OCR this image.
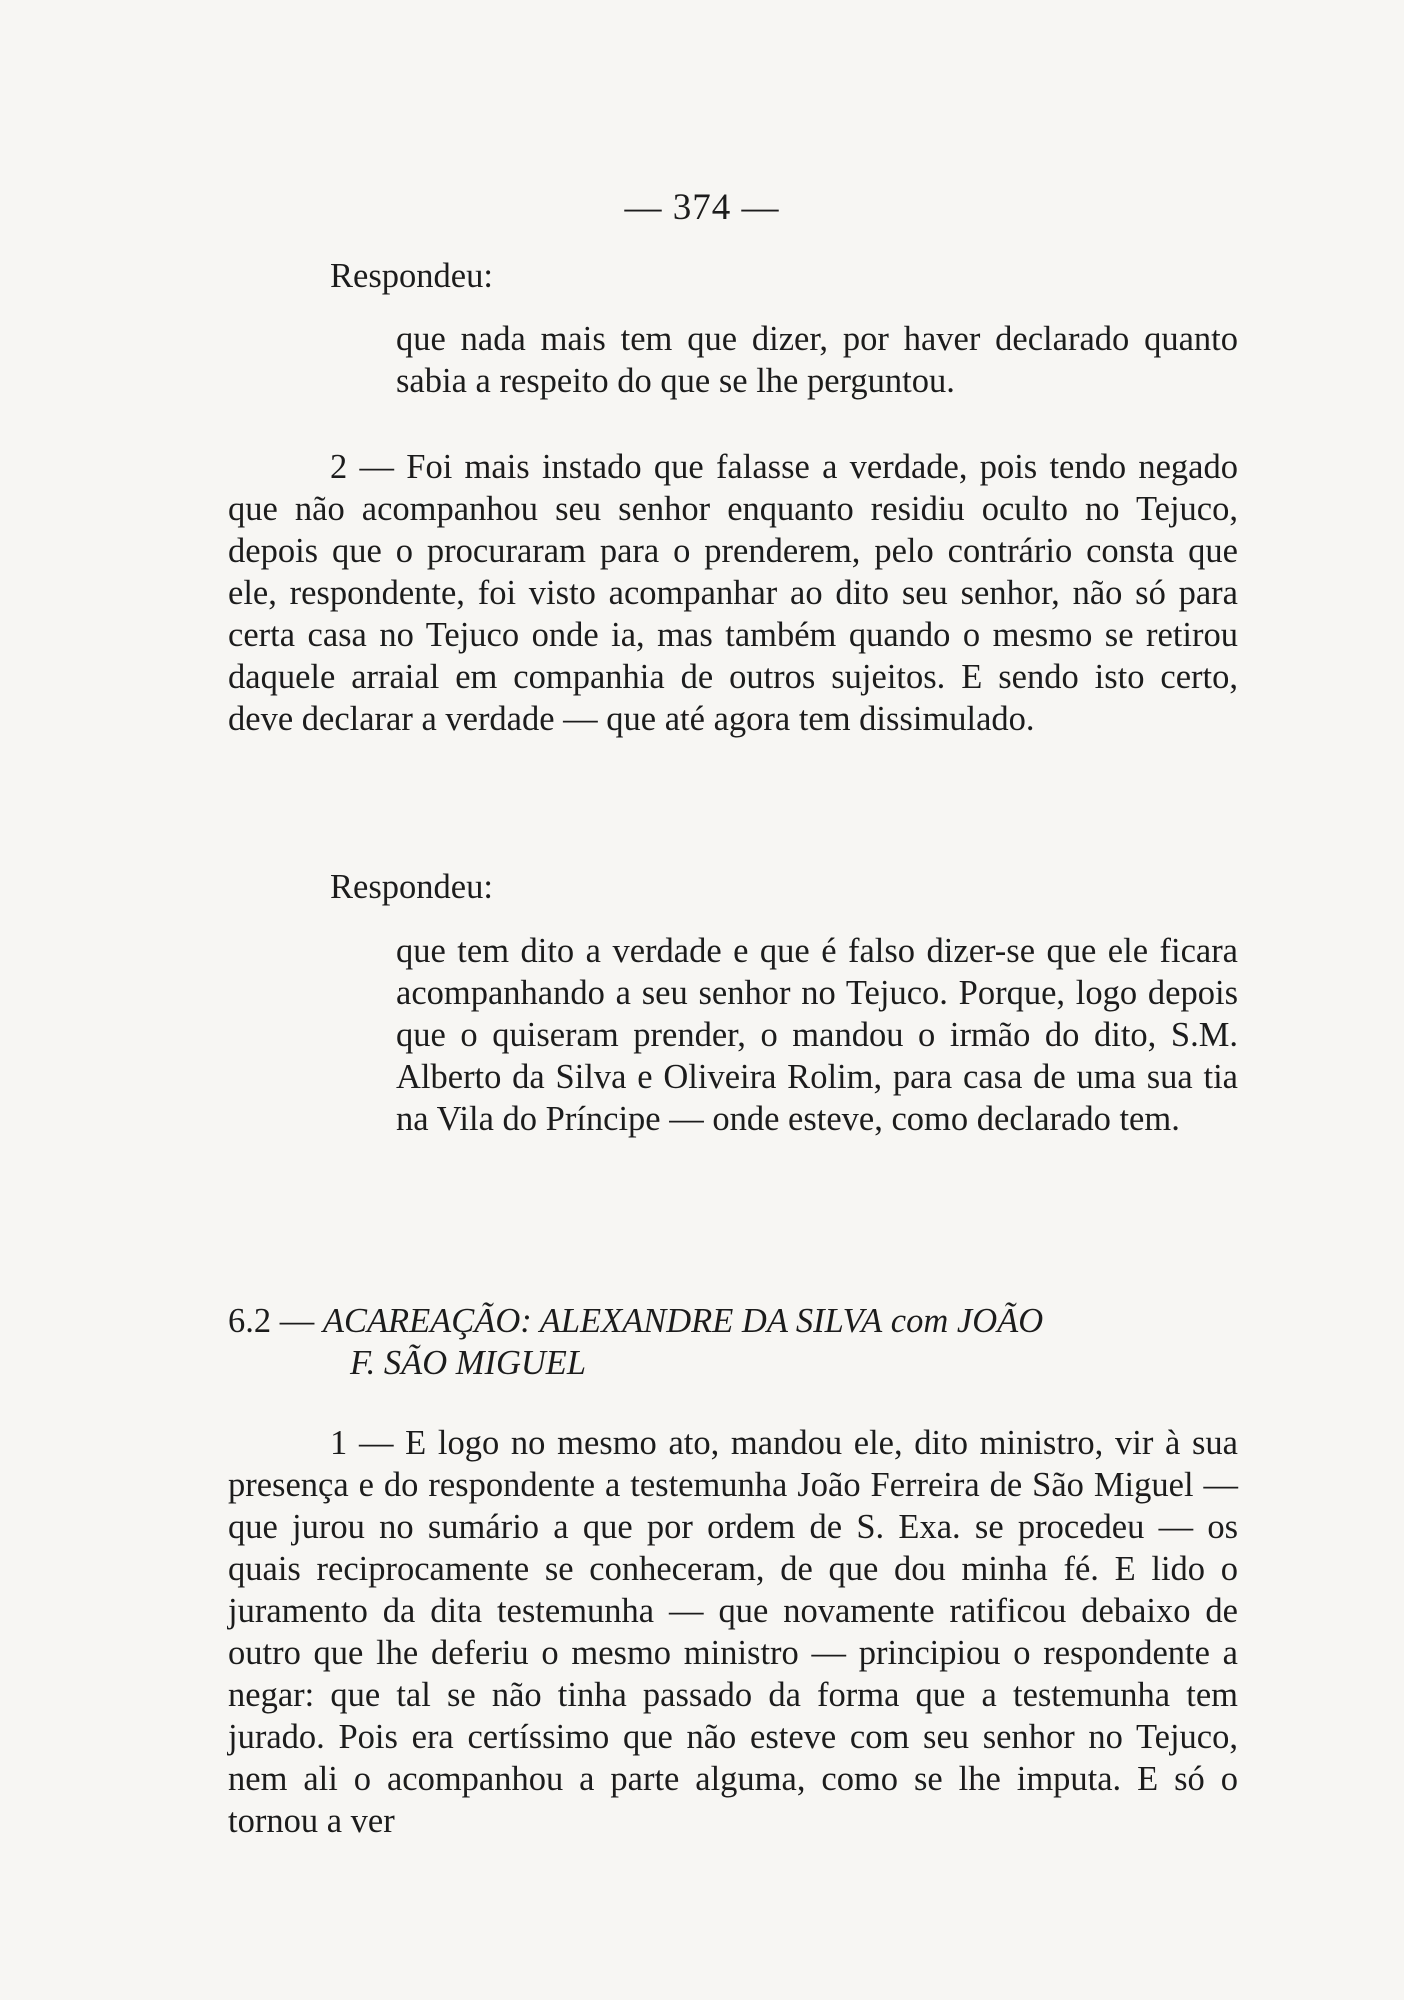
— 374 —
Respondeu:
que nada mais tem que dizer, por haver declarado quanto sabia a respeito do que se lhe perguntou.
2 — Foi mais instado que falasse a verdade, pois tendo negado que não acompanhou seu senhor enquanto residiu oculto no Tejuco, depois que o procuraram para o prenderem, pelo contrário consta que ele, respondente, foi visto acompanhar ao dito seu senhor, não só para certa casa no Tejuco onde ia, mas também quando o mesmo se retirou daquele arraial em companhia de outros sujeitos. E sendo isto certo, deve declarar a verdade — que até agora tem dissimulado.
Respondeu:
que tem dito a verdade e que é falso dizer-se que ele ficara acompanhando a seu senhor no Tejuco. Porque, logo depois que o quiseram prender, o mandou o irmão do dito, S.M. Alberto da Silva e Oliveira Rolim, para casa de uma sua tia na Vila do Príncipe — onde esteve, como declarado tem.
6.2 — ACAREAÇÃO: ALEXANDRE DA SILVA com JOÃO
F. SÃO MIGUEL
1 — E logo no mesmo ato, mandou ele, dito ministro, vir à sua presença e do respondente a testemunha João Ferreira de São Miguel — que jurou no sumário a que por ordem de S. Exa. se procedeu — os quais reciprocamente se conheceram, de que dou minha fé. E lido o juramento da dita testemunha — que novamente ratificou debaixo de outro que lhe deferiu o mesmo ministro — principiou o respondente a negar: que tal se não tinha passado da forma que a testemunha tem jurado. Pois era certíssimo que não esteve com seu senhor no Tejuco, nem ali o acompanhou a parte alguma, como se lhe imputa. E só o tornou a ver
